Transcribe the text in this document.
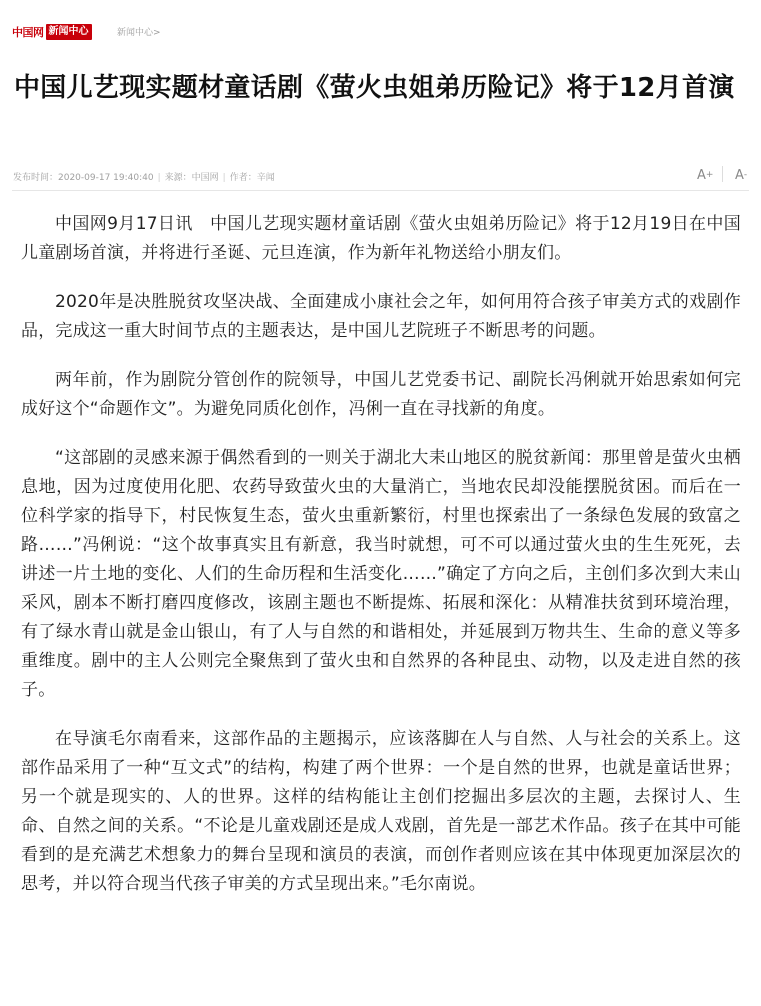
中国网 新闻中心	新闻中心>
中国儿艺现实题材童话剧《萤火虫姐弟历险记》将于12月首演
发布时间：2020-09-17 19:40:40 | 来源：中国网 | 作者：辛闻	A + A -

中国网9月17日讯　中国儿艺现实题材童话剧《萤火虫姐弟历险记》将于12月19日在中国儿童剧场首演，并将进行圣诞、元旦连演，作为新年礼物送给小朋友们。

2020年是决胜脱贫攻坚决战、全面建成小康社会之年，如何用符合孩子审美方式的戏剧作品，完成这一重大时间节点的主题表达，是中国儿艺院班子不断思考的问题。

两年前，作为剧院分管创作的院领导，中国儿艺党委书记、副院长冯俐就开始思索如何完成好这个“命题作文”。为避免同质化创作，冯俐一直在寻找新的角度。

“这部剧的灵感来源于偶然看到的一则关于湖北大耒山地区的脱贫新闻：那里曾是萤火虫栖息地，因为过度使用化肥、农药导致萤火虫的大量消亡，当地农民却没能摆脱贫困。而后在一位科学家的指导下，村民恢复生态，萤火虫重新繁衍，村里也探索出了一条绿色发展的致富之路……”冯俐说：“这个故事真实且有新意，我当时就想，可不可以通过萤火虫的生生死死，去讲述一片土地的变化、人们的生命历程和生活变化……”确定了方向之后，主创们多次到大耒山采风，剧本不断打磨四度修改，该剧主题也不断提炼、拓展和深化：从精准扶贫到环境治理，有了绿水青山就是金山银山，有了人与自然的和谐相处，并延展到万物共生、生命的意义等多重维度。剧中的主人公则完全聚焦到了萤火虫和自然界的各种昆虫、动物，以及走进自然的孩子。

在导演毛尔南看来，这部作品的主题揭示，应该落脚在人与自然、人与社会的关系上。这部作品采用了一种“互文式”的结构，构建了两个世界：一个是自然的世界，也就是童话世界；另一个就是现实的、人的世界。这样的结构能让主创们挖掘出多层次的主题，去探讨人、生命、自然之间的关系。“不论是儿童戏剧还是成人戏剧，首先是一部艺术作品。孩子在其中可能看到的是充满艺术想象力的舞台呈现和演员的表演，而创作者则应该在其中体现更加深层次的思考，并以符合现当代孩子审美的方式呈现出来。”毛尔南说。
